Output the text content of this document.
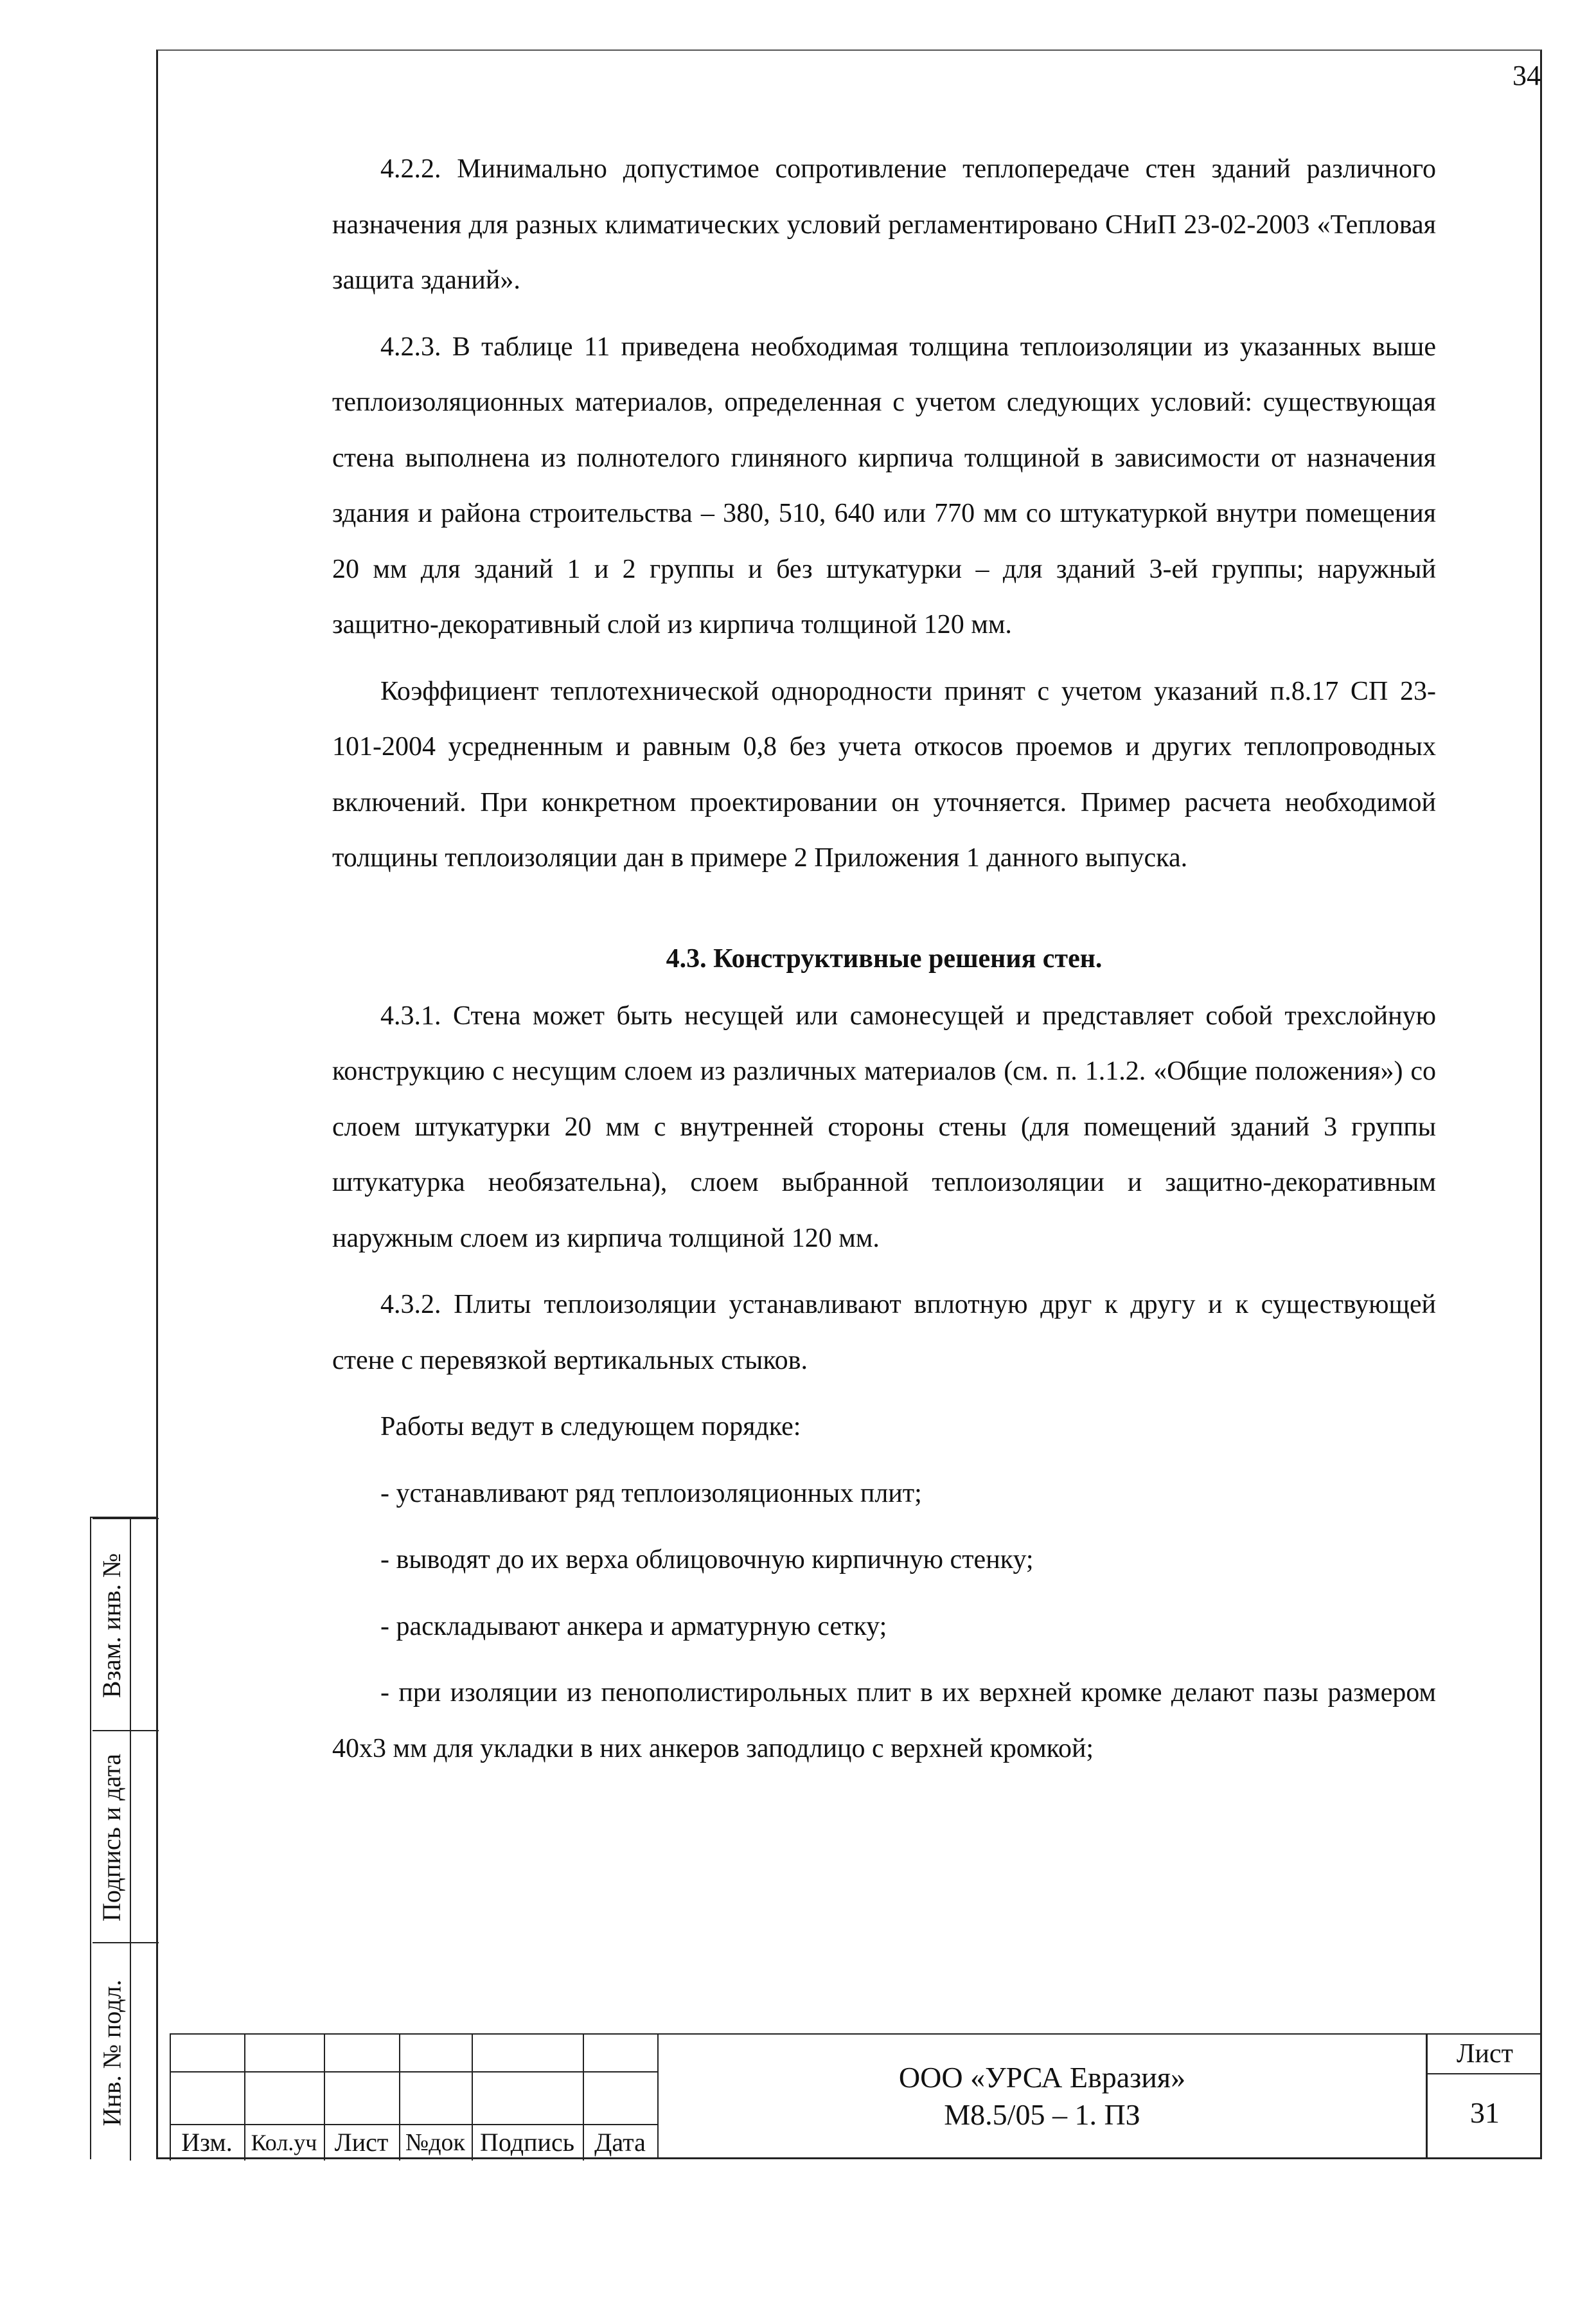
34

4.2.2. Минимально допустимое сопротивление теплопередаче стен зданий различного назначения для разных климатических условий регламентировано СНиП 23-02-2003 «Тепловая защита зданий».

4.2.3. В таблице 11 приведена необходимая толщина теплоизоляции из указанных выше теплоизоляционных материалов, определенная с учетом следующих условий: существующая стена выполнена из полнотелого глиняного кирпича толщиной в зависимости от назначения здания и района строительства – 380, 510, 640 или 770 мм со штукатуркой внутри помещения 20 мм для зданий 1 и 2 группы и без штукатурки – для зданий 3-ей группы; наружный защитно-декоративный слой из кирпича толщиной 120 мм.

Коэффициент теплотехнической однородности принят с учетом указаний п.8.17 СП 23-101-2004 усредненным и равным 0,8 без учета откосов проемов и других теплопроводных включений. При конкретном проектировании он уточняется. Пример расчета необходимой толщины теплоизоляции дан в примере 2 Приложения 1 данного выпуска.

4.3. Конструктивные решения стен.

4.3.1. Стена может быть несущей или самонесущей и представляет собой трехслойную конструкцию с несущим слоем из различных материалов (см. п. 1.1.2. «Общие положения») со слоем штукатурки 20 мм с внутренней стороны стены (для помещений зданий 3 группы штукатурка необязательна), слоем выбранной теплоизоляции и защитно-декоративным наружным слоем из кирпича толщиной 120 мм.

4.3.2. Плиты теплоизоляции устанавливают вплотную друг к другу и к существующей стене с перевязкой вертикальных стыков.

Работы ведут в следующем порядке:

- устанавливают ряд теплоизоляционных плит;

- выводят до их верха облицовочную кирпичную стенку;

- раскладывают анкера и арматурную сетку;

- при изоляции из пенополистирольных плит в их верхней кромке делают пазы размером 40х3 мм для укладки в них анкеров заподлицо с верхней кромкой;

Взам. инв. №
Подпись и дата
Инв. № подл.
Изм. Кол.уч Лист №док Подпись Дата
ООО «УРСА Евразия»
М8.5/05 – 1. ПЗ
Лист
31
